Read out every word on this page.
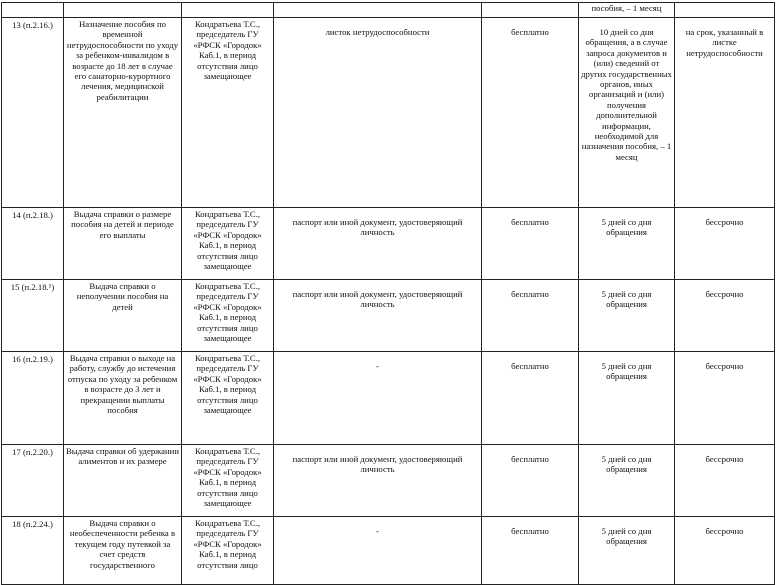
					пособия, – 1 месяц	
13 (п.2.16.)	Назначение пособия по временной нетрудоспособности по уходу за ребенком-инвалидом в возрасте до 18 лет в случае его санаторно-курортного лечения, медицинской реабилитации	Кондратьева Т.С., председатель ГУ «РФСК «Городок» Каб.1, в период отсутствия лицо замещающее	листок нетрудоспособности	бесплатно	10 дней со дня обращения, а в случае запроса документов и (или) сведений от других государственных органов, иных организаций и (или) получения дополнительной информации, необходимой для назначения пособия, – 1 месяц	на срок, указанный в листке нетрудоспособности
14 (п.2.18.)	Выдача справки о размере пособия на детей и периоде его выплаты	Кондратьева Т.С., председатель ГУ «РФСК «Городок» Каб.1, в период отсутствия лицо замещающее	паспорт или иной документ, удостоверяющий личность	бесплатно	5 дней со дня обращения	бессрочно
15 (п.2.18.¹)	Выдача справки о неполучении пособия на детей	Кондратьева Т.С., председатель ГУ «РФСК «Городок» Каб.1, в период отсутствия лицо замещающее	паспорт или иной документ, удостоверяющий личность	бесплатно	5 дней со дня обращения	бессрочно
16 (п.2.19.)	Выдача справки о выходе на работу, службу до истечения отпуска по уходу за ребенком в возрасте до 3 лет и прекращении выплаты пособия	Кондратьева Т.С., председатель ГУ «РФСК «Городок» Каб.1, в период отсутствия лицо замещающее	-	бесплатно	5 дней со дня обращения	бессрочно
17 (п.2.20.)	Выдача справки об удержании алиментов и их размере	Кондратьева Т.С., председатель ГУ «РФСК «Городок» Каб.1, в период отсутствия лицо замещающее	паспорт или иной документ, удостоверяющий личность	бесплатно	5 дней со дня обращения	бессрочно
18 (п.2.24.)	Выдача справки о необеспеченности ребенка в текущем году путевкой за счет средств государственного	Кондратьева Т.С., председатель ГУ «РФСК «Городок» Каб.1, в период отсутствия лицо	-	бесплатно	5 дней со дня обращения	бессрочно
